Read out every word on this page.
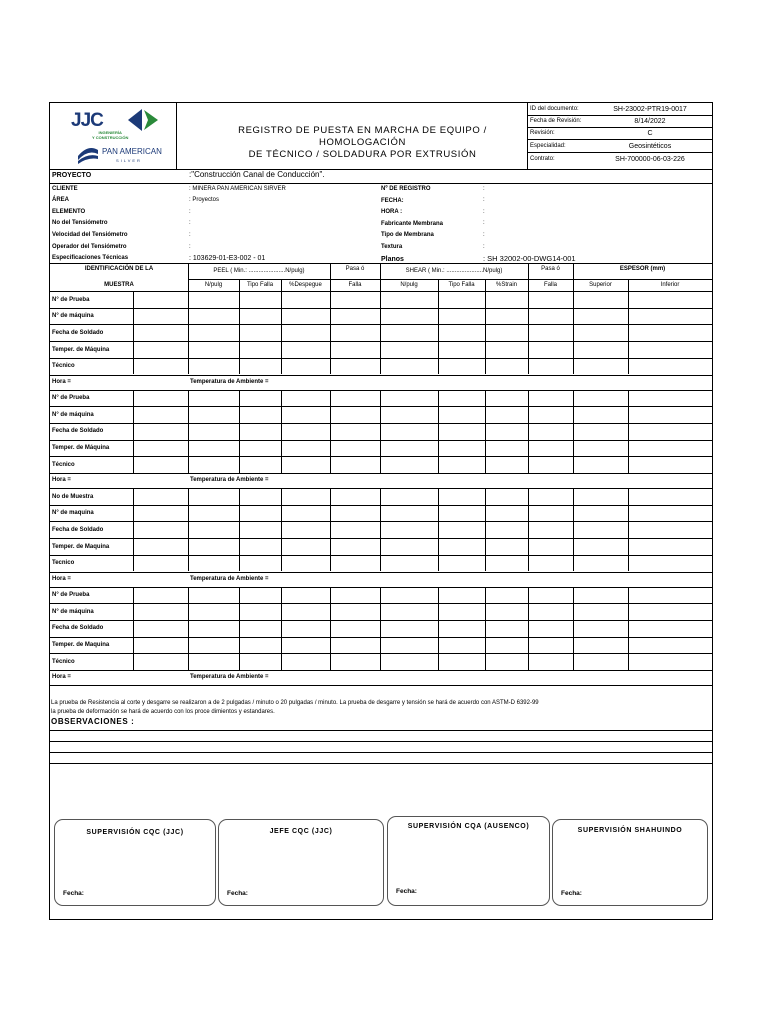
JJC
INGENIERÍA
Y CONSTRUCCIÓN
PAN AMERICAN
SILVER
REGISTRO DE PUESTA EN MARCHA DE EQUIPO / HOMOLOGACIÓN
DE TÉCNICO / SOLDADURA POR EXTRUSIÓN
ID del documento:	SH-23002-PTR19-0017
Fecha de Revisión:	8/14/2022
Revisión:	C
Especialidad:	Geosintéticos
Contrato:	SH-700000-06-03-226
PROYECTO	:"Construcción Canal de Conducción".
CLIENTE	: MINERA PAN AMERICAN SIRVER	Nº DE REGISTRO	:
ÁREA	: Proyectos	FECHA:	:
ELEMENTO	:	HORA :	:
No del Tensiómetro	:	Fabricante Membrana	:
Velocidad del Tensiómetro	:	Tipo de Membrana	:
Operador del Tensiómetro	:	Textura	:
Especificaciones Técnicas	: 103629-01-E3-002 - 01	Planos	: SH 32002-00-DWG14-001
IDENTIFICACIÓN DE LA
MUESTRA
PEEL ( Min.: ......................N/pulg)	Pasa ó	SHEAR ( Min.: ......................N/pulg)	Pasa ó	ESPESOR (mm)
N/pulg	Tipo Falla	%Despegue	Falla	N/pulg	Tipo Falla	%Strain	Falla	Superior	Inferior
N° de Prueba
N° de máquina
Fecha de Soldado
Temper. de Máquina
Técnico
Hora =	Temperatura de Ambiente =
N° de Prueba
N° de máquina
Fecha de Soldado
Temper. de Máquina
Técnico
Hora =	Temperatura de Ambiente =
No de Muestra
N° de maquina
Fecha de Soldado
Temper. de Maquina
Tecnico
Hora =	Temperatura de Ambiente =
N° de Prueba
N° de máquina
Fecha de Soldado
Temper. de Maquina
Técnico
Hora =	Temperatura de Ambiente =
La prueba de Resistencia al corte y desgarre se realizaron a de 2 pulgadas / minuto o 20 pulgadas / minuto. La prueba de desgarre y tensión se hará de acuerdo con ASTM-D 6392-99
la prueba de deformación se hará de acuerdo con los proce dimientos y estandares.
OBSERVACIONES :
SUPERVISIÓN CQC (JJC)
Fecha:
JEFE CQC (JJC)
Fecha:
SUPERVISIÓN CQA (AUSENCO)
Fecha:
SUPERVISIÓN SHAHUINDO
Fecha:
